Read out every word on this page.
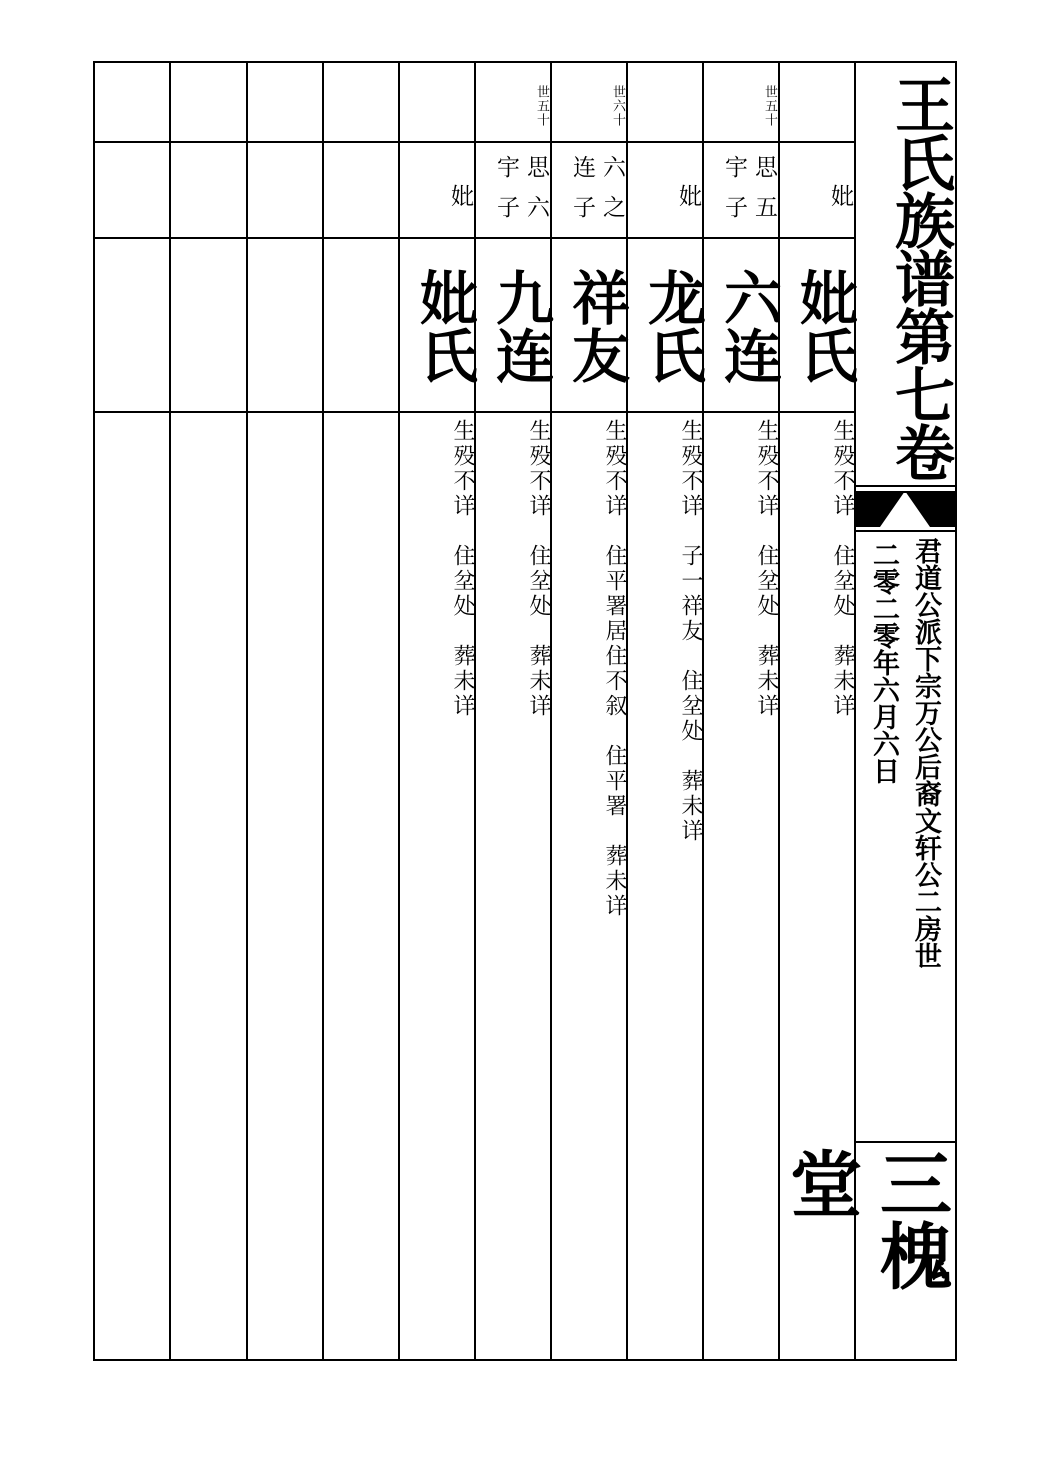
妣
妣氏
生殁不详　住坌处　葬未详
世五十
思宇
五子
六连
生殁不详　住坌处　葬未详
妣
龙氏
生殁不详　子一祥友　住坌处　葬未详
世六十
六连
之子
祥友
生殁不详　住平署居住不叙　住平署　葬未详
世五十
思宇
六子
九连
生殁不详　住坌处　葬未详
妣
妣氏
生殁不详　住坌处　葬未详
王氏族谱第七卷
君道公派下宗万公后裔文轩公二房世
二零二零年六月六日
三槐堂
